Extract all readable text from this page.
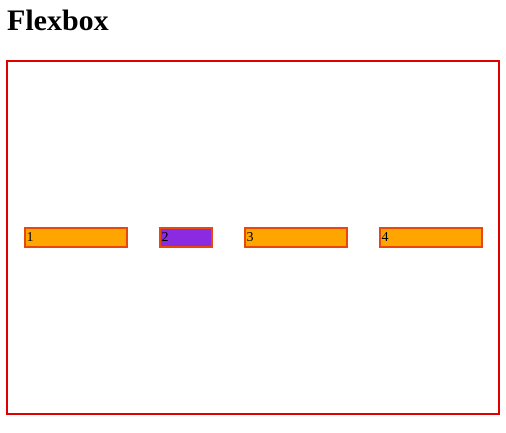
Flexbox
1	2	3	4
